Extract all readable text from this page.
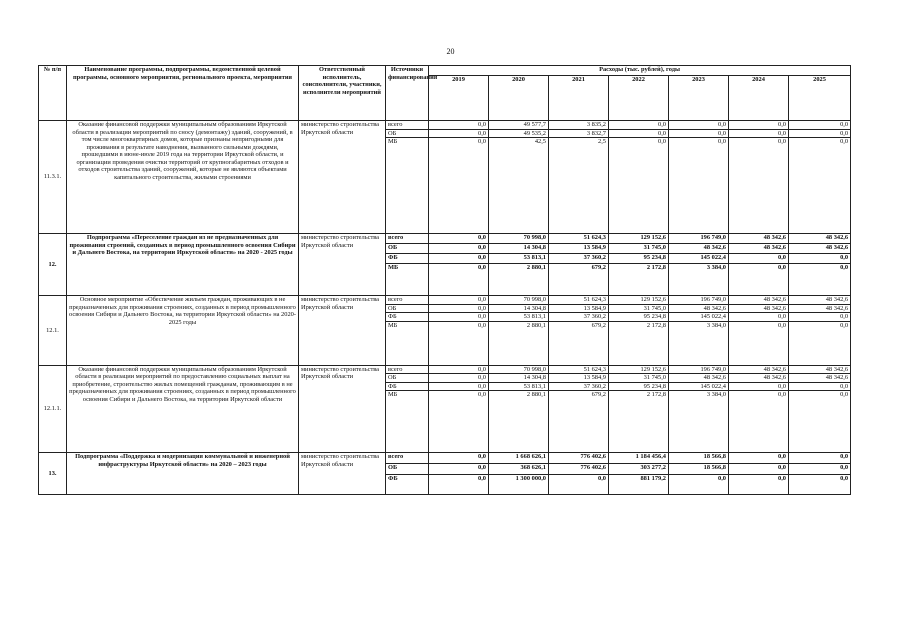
20
№ п/п	Наименование программы, подпрограммы, ведомственной целевой программы, основного мероприятия, регионального проекта, мероприятия	Ответственный исполнитель, соисполнители, участники, исполнители мероприятий	Источники финансирования	Расходы (тыс. рублей), годы						
				2019	2020	2021	2022	2023	2024	2025
11.3.1.	Оказание финансовой поддержки муниципальным образованиям Иркутской области в реализации мероприятий по сносу (демонтажу) зданий, сооружений, в том числе многоквартирных домов, которые признаны непригодными для проживания в результате наводнения, вызванного сильными дождями, прошедшими в июне-июле 2019 года на территории Иркутской области, и организации проведения очистки территорий от крупногабаритных отходов и отходов строительства зданий, сооружений, которые не являются объектами капитального строительства, жилыми строениями	министерство строительства Иркутской области	всего	0,0	49 577,7	3 835,2	0,0	0,0	0,0	0,0
			ОБ	0,0	49 535,2	3 832,7	0,0	0,0	0,0	0,0
			МБ	0,0	42,5	2,5	0,0	0,0	0,0	0,0
12.	Подпрограмма «Переселение граждан из не предназначенных для проживания строений, созданных в период промышленного освоения Сибири и Дальнего Востока, на территории Иркутской области» на 2020 - 2025 годы	министерство строительства Иркутской области	всего	0,0	70 998,0	51 624,3	129 152,6	196 749,0	48 342,6	48 342,6
			ОБ	0,0	14 304,8	13 584,9	31 745,0	48 342,6	48 342,6	48 342,6
			ФБ	0,0	53 813,1	37 360,2	95 234,8	145 022,4	0,0	0,0
			МБ	0,0	2 880,1	679,2	2 172,8	3 384,0	0,0	0,0
12.1.	Основное мероприятие «Обеспечение жильем граждан, проживающих в не предназначенных для проживания строениях, созданных в период промышленного освоения Сибири и Дальнего Востока, на территории Иркутской области» на 2020-2025 годы	министерство строительства Иркутской области	всего	0,0	70 998,0	51 624,3	129 152,6	196 749,0	48 342,6	48 342,6
			ОБ	0,0	14 304,8	13 584,9	31 745,0	48 342,6	48 342,6	48 342,6
			ФБ	0,0	53 813,1	37 360,2	95 234,8	145 022,4	0,0	0,0
			МБ	0,0	2 880,1	679,2	2 172,8	3 384,0	0,0	0,0
12.1.1.	Оказание финансовой поддержки муниципальным образованиям Иркутской области в реализации мероприятий по предоставлению социальных выплат на приобретение, строительство жилых помещений гражданам, проживающим в не предназначенных для проживания строениях, созданных в период промышленного освоения Сибири и Дальнего Востока, на территории Иркутской области	министерство строительства Иркутской области	всего	0,0	70 998,0	51 624,3	129 152,6	196 749,0	48 342,6	48 342,6
			ОБ	0,0	14 304,8	13 584,9	31 745,0	48 342,6	48 342,6	48 342,6
			ФБ	0,0	53 813,1	37 360,2	95 234,8	145 022,4	0,0	0,0
			МБ	0,0	2 880,1	679,2	2 172,8	3 384,0	0,0	0,0
13.	Подпрограмма «Поддержка и модернизация коммунальной и инженерной инфраструктуры Иркутской области» на 2020 – 2023 годы	министерство строительства Иркутской области	всего	0,0	1 668 626,1	776 402,6	1 184 456,4	18 566,8	0,0	0,0
			ОБ	0,0	368 626,1	776 402,6	303 277,2	18 566,8	0,0	0,0
			ФБ	0,0	1 300 000,0	0,0	881 179,2	0,0	0,0	0,0
